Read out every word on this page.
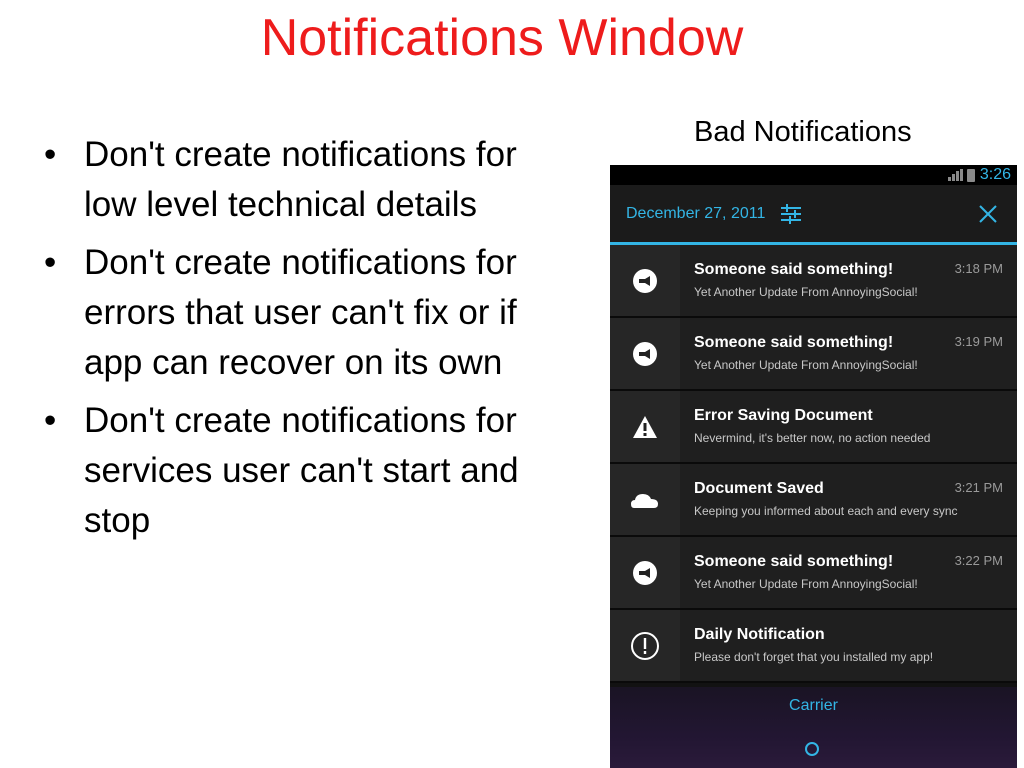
Notifications Window
• Don't create notifications for low level technical details
• Don't create notifications for errors that user can't fix or if app can recover on its own
• Don't create notifications for services user can't start and stop
Bad Notifications
3:26
December 27, 2011
Someone said something!	3:18 PM
Yet Another Update From AnnoyingSocial!
Someone said something!	3:19 PM
Yet Another Update From AnnoyingSocial!
Error Saving Document
Nevermind, it's better now, no action needed
Document Saved	3:21 PM
Keeping you informed about each and every sync
Someone said something!	3:22 PM
Yet Another Update From AnnoyingSocial!
Daily Notification
Please don't forget that you installed my app!
Carrier
